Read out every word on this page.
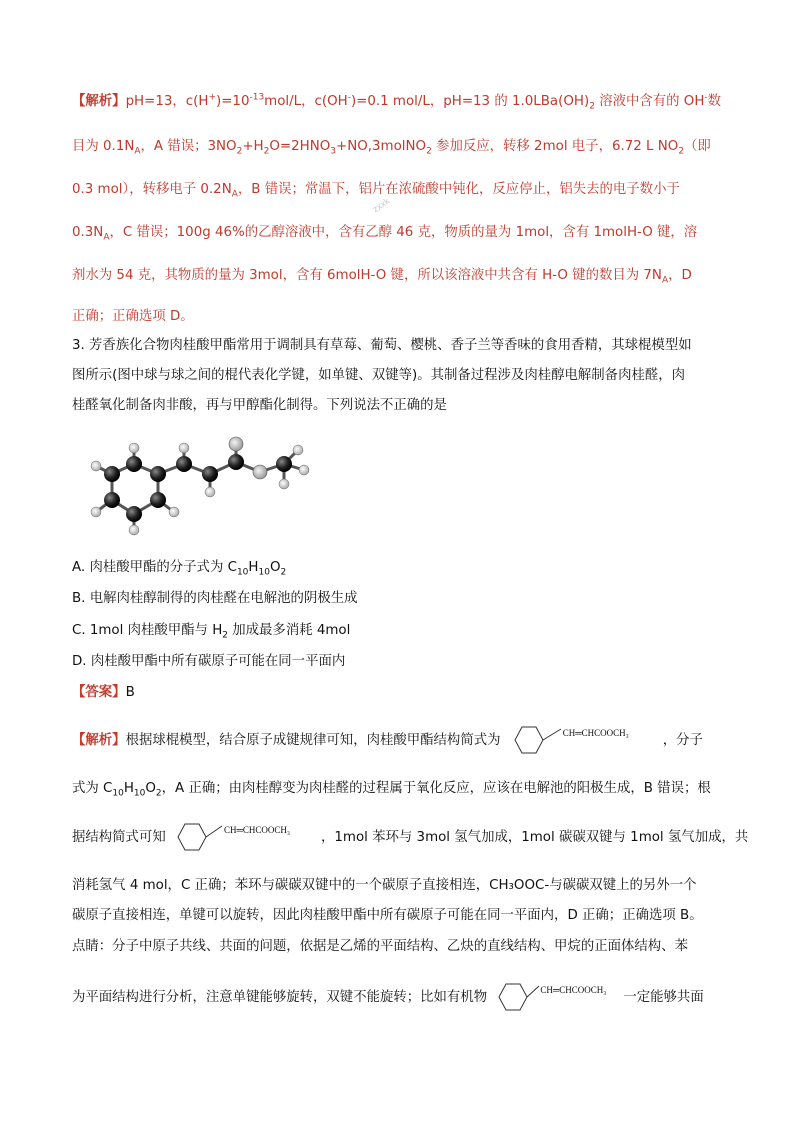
【解析】pH=13，$c(H^+)=10^{-13}mol/L$，c(OH-)=0.1 mol/L，pH=13 的 $1.0LBa(OH)_2$ 溶液中含有的 OH-数
目为 $0.1N_A$，A 错误；$3NO_2+H_2O=2HNO_3+NO,3molNO_2$ 参加反应，转移 2mol 电子，6.72 L $NO_2$（即
0.3 mol），转移电子 $0.2N_A$，B 错误；常温下，铝片在浓硫酸中钝化，反应停止，铝失去的电子数小于
$0.3N_A$，C 错误；100g 46%的乙醇溶液中，含有乙醇 46 克，物质的量为 1mol，含有 1molH-O 键，溶
剂水为 54 克，其物质的量为 3mol，含有 6molH-O 键，所以该溶液中共含有 H-O 键的数目为 $7N_A$，D
正确；正确选项 D。
zxxk
3. 芳香族化合物肉桂酸甲酯常用于调制具有草莓、葡萄、樱桃、香子兰等香味的食用香精，其球棍模型如
图所示(图中球与球之间的棍代表化学键，如单键、双键等)。其制备过程涉及肉桂醇电解制备肉桂醛，肉
桂醛氧化制备肉非酸，再与甲醇酯化制得。下列说法不正确的是
A. 肉桂酸甲酯的分子式为 $C_{10}H_{10}O_2$
B. 电解肉桂醇制得的肉桂醛在电解池的阴极生成
C. 1mol 肉桂酸甲酯与 $H_2$ 加成最多消耗 4mol
D. 肉桂酸甲酯中所有碳原子可能在同一平面内
【答案】B
【解析】根据球棍模型，结合原子成键规律可知，肉桂酸甲酯结构简式为	CH═CHCOOCH₃	，分子
式为 $C_{10}H_{10}O_2$，A 正确；由肉桂醇变为肉桂醛的过程属于氧化反应，应该在电解池的阳极生成，B 错误；根
据结构简式可知	CH═CHCOOCH₃ ，1mol 苯环与 3mol 氢气加成，1mol 碳碳双键与 1mol 氢气加成，共
消耗氢气 4 mol，C 正确；苯环与碳碳双键中的一个碳原子直接相连，CH₃OOC-与碳碳双键上的另外一个
碳原子直接相连，单键可以旋转，因此肉桂酸甲酯中所有碳原子可能在同一平面内，D 正确；正确选项 B。
点睛：分子中原子共线、共面的问题，依据是乙烯的平面结构、乙炔的直线结构、甲烷的正面体结构、苯
为平面结构进行分析，注意单键能够旋转，双键不能旋转；比如有机物	CH═CHCOOCH₃ 一定能够共面
